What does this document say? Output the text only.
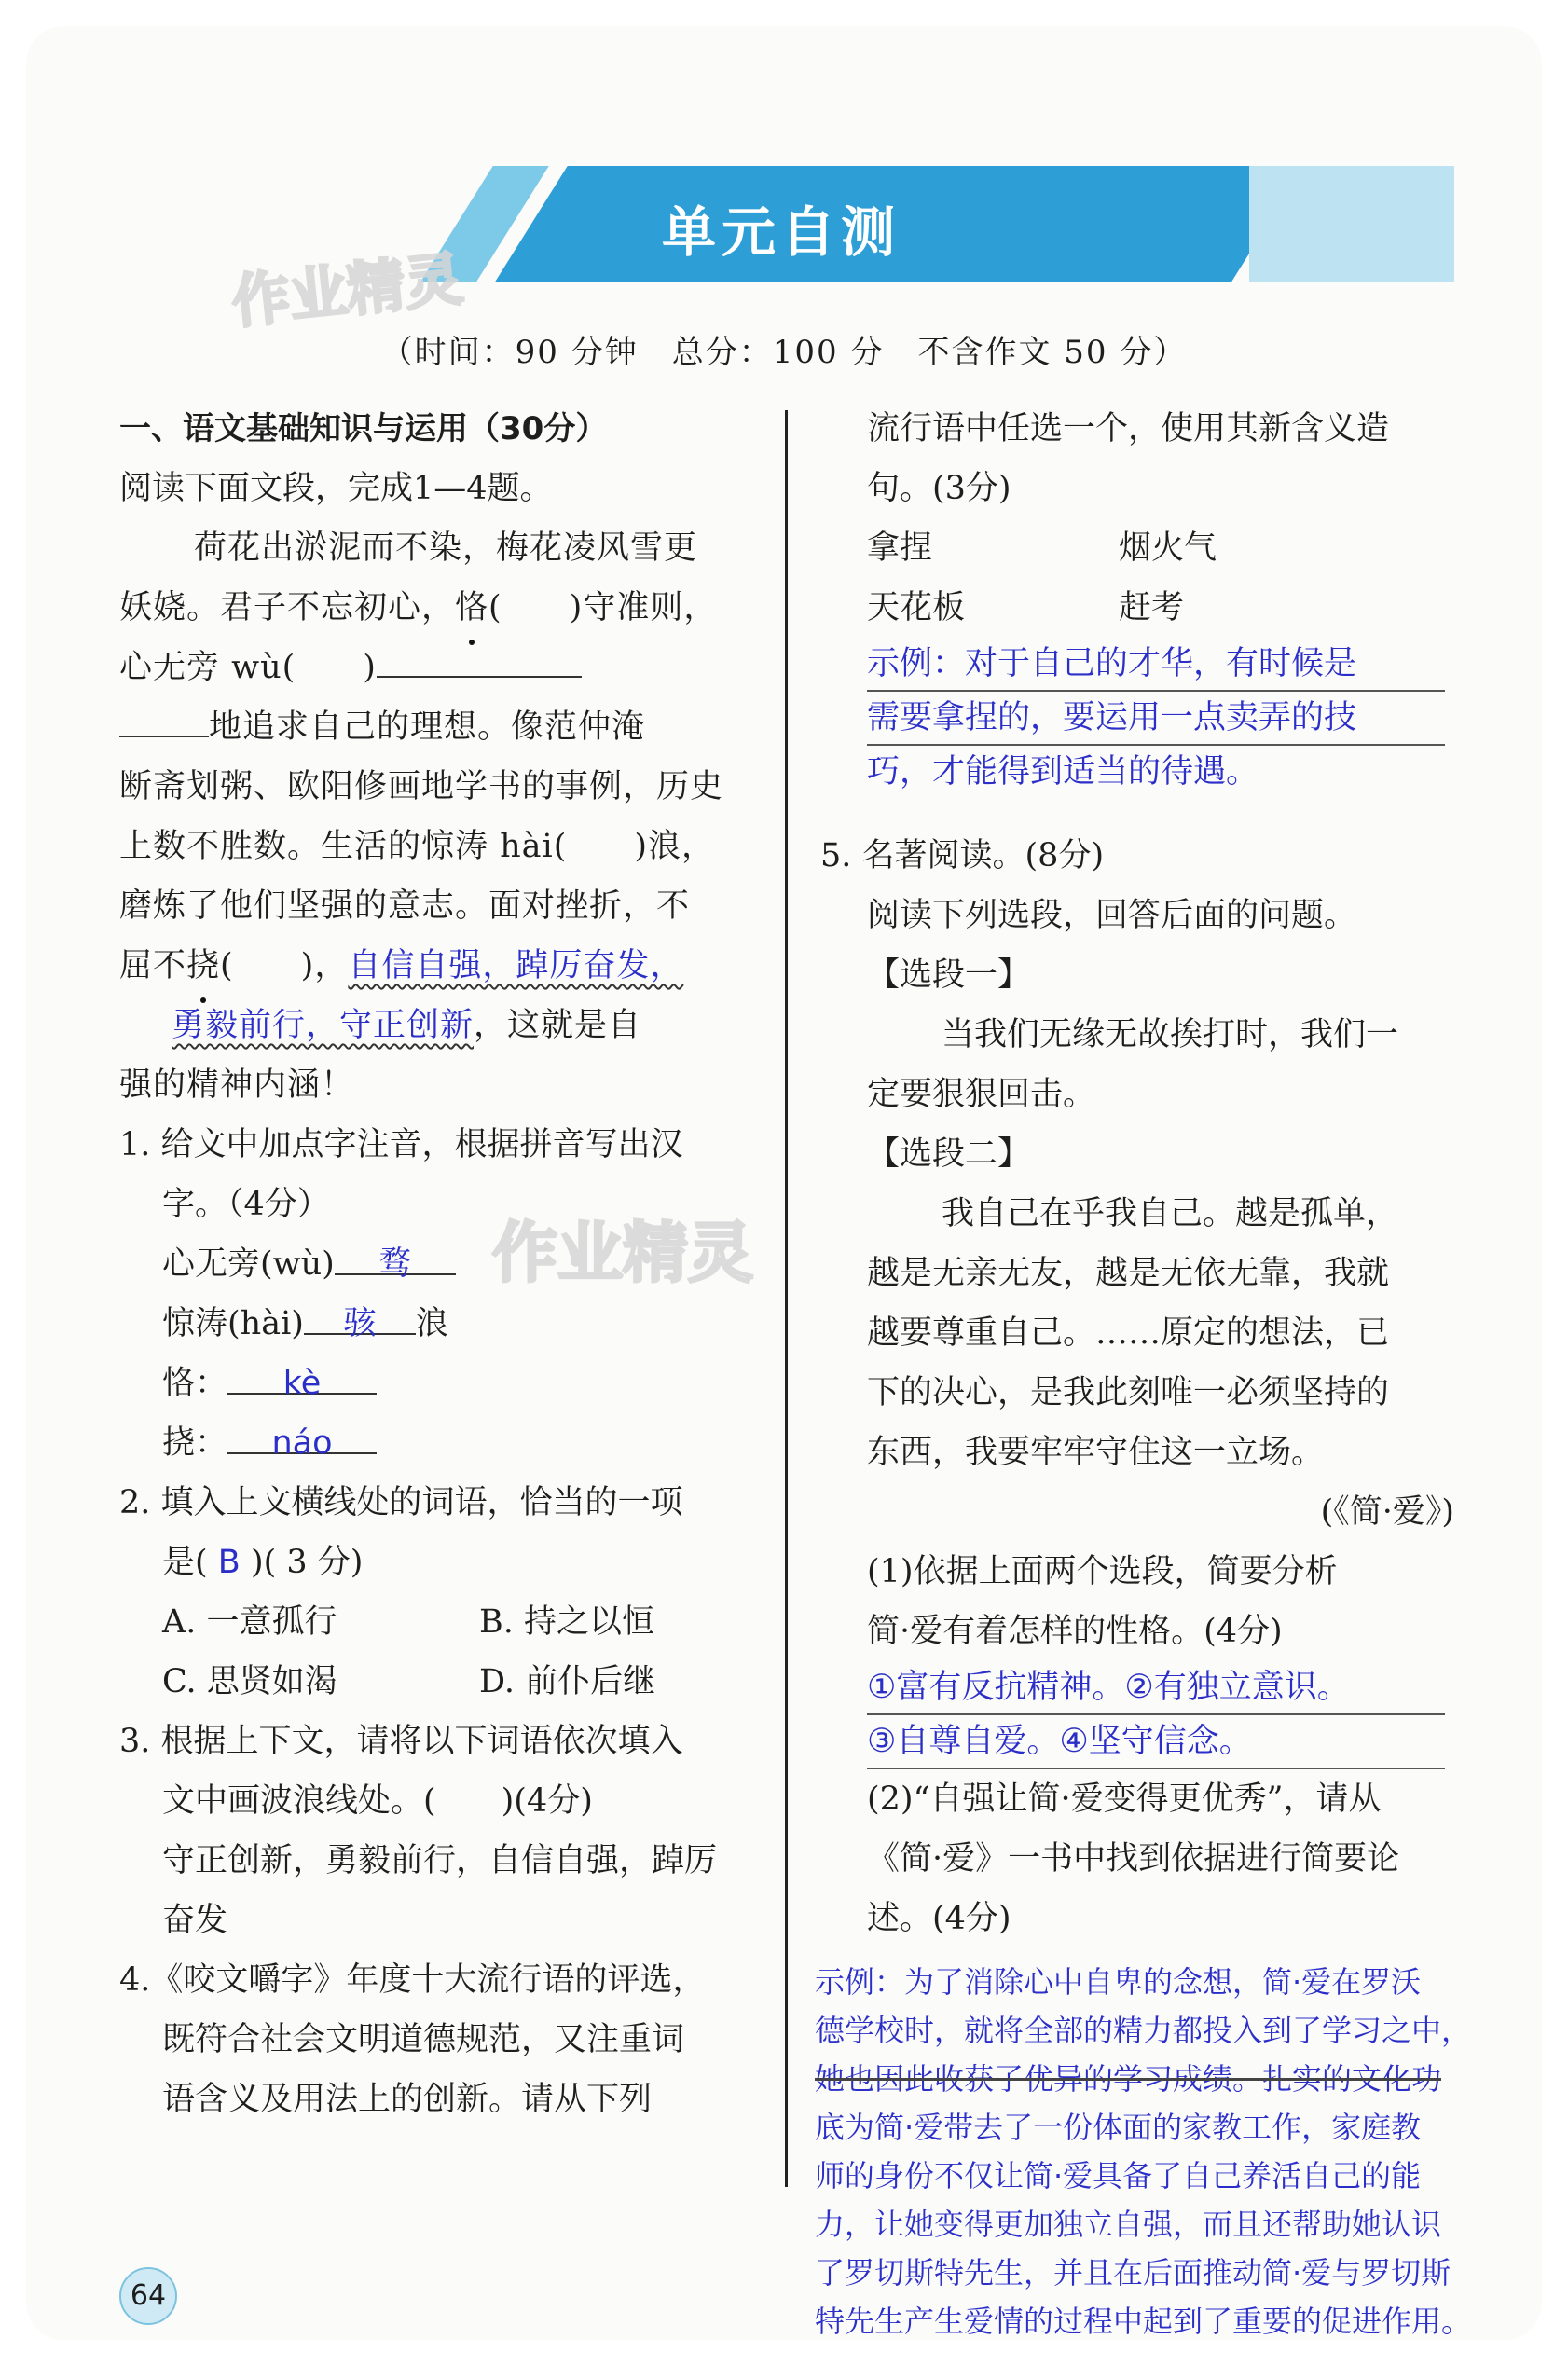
单元自测
作业精灵
作业精灵
（时间：90 分钟　总分：100 分　不含作文 50 分）

一、语文基础知识与运用（30分）

阅读下面文段，完成1—4题。

荷花出淤泥而不染，梅花凌风雪更

妖娆。君子不忘初心，恪(　　)守准则，

心无旁 wù(　　)

地追求自己的理想。像范仲淹

断斋划粥、欧阳修画地学书的事例，历史

上数不胜数。生活的惊涛 hài(　　)浪，

磨炼了他们坚强的意志。面对挫折，不

屈不挠(　　)，自信自强，踔厉奋发，

勇毅前行，守正创新，这就是自

强的精神内涵！

1. 给文中加点字注音，根据拼音写出汉

字。（4分）

心无旁(wù) 骛

惊涛(hài) 骇 浪

恪： kè

挠： náo

2. 填入上文横线处的词语，恰当的一项

是( B )( 3 分)

A. 一意孤行	B. 持之以恒
C. 思贤如渴	D. 前仆后继

3. 根据上下文，请将以下词语依次填入

文中画波浪线处。(　　)(4分)

守正创新，勇毅前行，自信自强，踔厉

奋发

4.《咬文嚼字》年度十大流行语的评选，

既符合社会文明道德规范，又注重词

语含义及用法上的创新。请从下列

流行语中任选一个，使用其新含义造

句。(3分)

拿捏	烟火气
天花板	赶考
示例：对于自己的才华，有时候是
需要拿捏的，要运用一点卖弄的技
巧，才能得到适当的待遇。

5. 名著阅读。(8分)

阅读下列选段，回答后面的问题。

【选段一】

当我们无缘无故挨打时，我们一

定要狠狠回击。

【选段二】

我自己在乎我自己。越是孤单，

越是无亲无友，越是无依无靠，我就

越要尊重自己。……原定的想法，已

下的决心，是我此刻唯一必须坚持的

东西，我要牢牢守住这一立场。

(《简·爱》)

(1)依据上面两个选段，简要分析

简·爱有着怎样的性格。(4分)

①富有反抗精神。②有独立意识。
③自尊自爱。④坚守信念。

(2)“自强让简·爱变得更优秀”，请从

《简·爱》一书中找到依据进行简要论

述。(4分)

示例：为了消除心中自卑的念想，简·爱在罗沃
德学校时，就将全部的精力都投入到了学习之中，
她也因此收获了优异的学习成绩。扎实的文化功
底为简·爱带去了一份体面的家教工作，家庭教
师的身份不仅让简·爱具备了自己养活自己的能
力，让她变得更加独立自强，而且还帮助她认识
了罗切斯特先生，并且在后面推动简·爱与罗切斯
特先生产生爱情的过程中起到了重要的促进作用。
64
